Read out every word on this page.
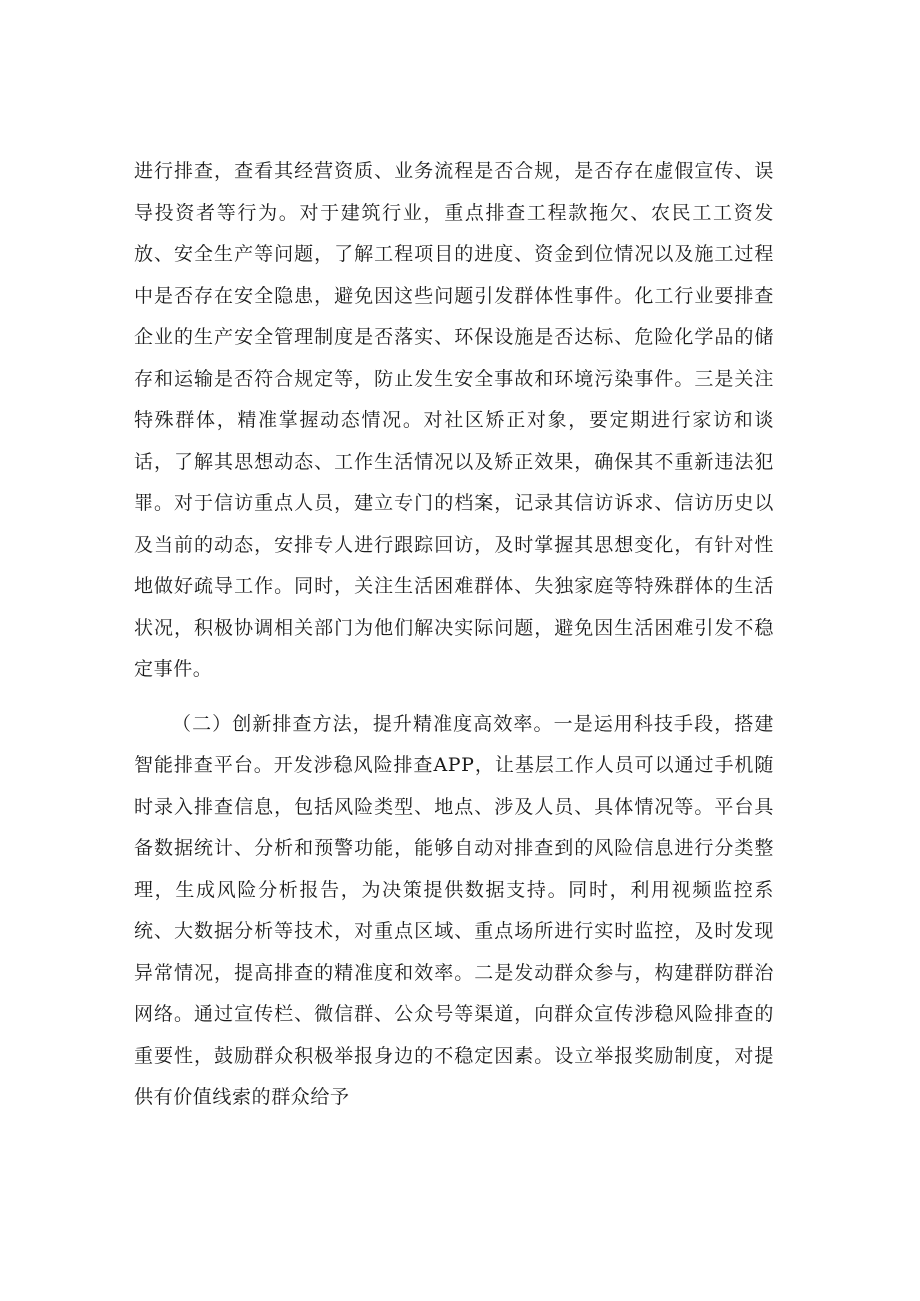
进行排查，查看其经营资质、业务流程是否合规，是否存在虚假宣传、误导投资者等行为。对于建筑行业，重点排查工程款拖欠、农民工工资发放、安全生产等问题，了解工程项目的进度、资金到位情况以及施工过程中是否存在安全隐患，避免因这些问题引发群体性事件。化工行业要排查企业的生产安全管理制度是否落实、环保设施是否达标、危险化学品的储存和运输是否符合规定等，防止发生安全事故和环境污染事件。三是关注特殊群体，精准掌握动态情况。对社区矫正对象，要定期进行家访和谈话，了解其思想动态、工作生活情况以及矫正效果，确保其不重新违法犯罪。对于信访重点人员，建立专门的档案，记录其信访诉求、信访历史以及当前的动态，安排专人进行跟踪回访，及时掌握其思想变化，有针对性地做好疏导工作。同时，关注生活困难群体、失独家庭等特殊群体的生活状况，积极协调相关部门为他们解决实际问题，避免因生活困难引发不稳定事件。

（二）创新排查方法，提升精准度高效率。一是运用科技手段，搭建智能排查平台。开发涉稳风险排查APP，让基层工作人员可以通过手机随时录入排查信息，包括风险类型、地点、涉及人员、具体情况等。平台具备数据统计、分析和预警功能，能够自动对排查到的风险信息进行分类整理，生成风险分析报告，为决策提供数据支持。同时，利用视频监控系统、大数据分析等技术，对重点区域、重点场所进行实时监控，及时发现异常情况，提高排查的精准度和效率。二是发动群众参与，构建群防群治网络。通过宣传栏、微信群、公众号等渠道，向群众宣传涉稳风险排查的重要性，鼓励群众积极举报身边的不稳定因素。设立举报奖励制度，对提供有价值线索的群众给予
